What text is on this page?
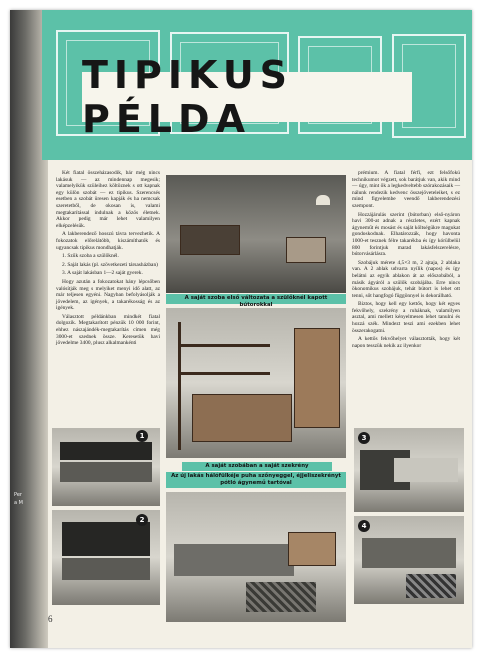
Per
a M
TIPIKUS PÉLDA

Két fiatal összeházasodik, bár még nincs lakásuk — az mindennap megesik; valamelyikük szüleihez költöznek s ott kapnak egy külön szobát — ez tipikus. Szerencsés esetben a szobát üresen kapják és ha nemcsak szeretetből, de okosan is, valami megtakarítással indulnak a közös életnek. Akkor pedig már lehet valamilyen elképzelésük.

A lakberendező hosszú távra tervezhetik. A fokozatok előrelátóbb, kiszámíthatók és ugyancsak tipikus mondhatják.

1. Szűk szoba a szülőknél.

2. Saját lakás (pl. szövetkezeti társasházban)

3. A saját lakásban 1—2 saját gyerek.

Hogy azután a fokozatokat hány lépcsőben valósítják meg s melyiket menyi idő alatt, az már teljesen egyéni. Nagyban befolyásolják a jövedelem, az igények, a takarékosság és az igények.

Választott példánkban mindkét fiatal dolgozik. Megtakarított pénzük 10 000 forint, ehhez nászajándék-megtakarítás címen még 3000-et szednek össze. Keresetük havi jövedelme 3400, plusz alkalmankénti

A saját szoba első változata a szülőknél kapott bútorokkal

prémium. A fiatal férfi, ezt felsőfokú technikumot végzett, sok barátjuk van, akik mind — úgy, mint ők a legkedveltebb szórakozásaik — nálunk rendezik kedvenc összejöveteleiket, s ez mind figyelembe veendő lakberendezési szempont.

Hozzájárulás szerint (bútorban) első-nyáron havi 300-at adnak a részletes, ezért kapnak ágyneműt és mosást és saját költségükre magukat gondoskodnak. Elhatározzák, hogy havonta 1000-et tesznek félre takarékba és így kórülbelül 800 forintjuk marad lakásfelszerelésre, bútorvásárlásra.

Szobájuk mérete 4,5×3 m, 2 ajtaja, 2 ablaka van. A 2 ablak udvarra nyílik (napos) és így belátni az egyik ablakon át az előszobából, a másik ágyáról a szülők szobájába. Erre nincs ökonomikus szobájuk, tehát bútort is lehet ott tenni, sőt hangfogó függönnyel is dekorálható.

Biztos, hogy kell egy kettős, hogy két egyes fekvőhely, szekrény a ruháknak, valamilyen asztal, ami mellett kényelmesen lehet tanulni és hozzá szék. Mindezt teszi ami ezekben lehet összerakogatni.

A kettős fekvőhelyet választották, hogy két napon tesszük nekik az ilyenkor

A saját szobában a saját szekrény
Az új lakás hálófülkéje puha szőnyeggel, éjjeliszekrényt pótló ágynemű tartóval
1
2
3
4
6
